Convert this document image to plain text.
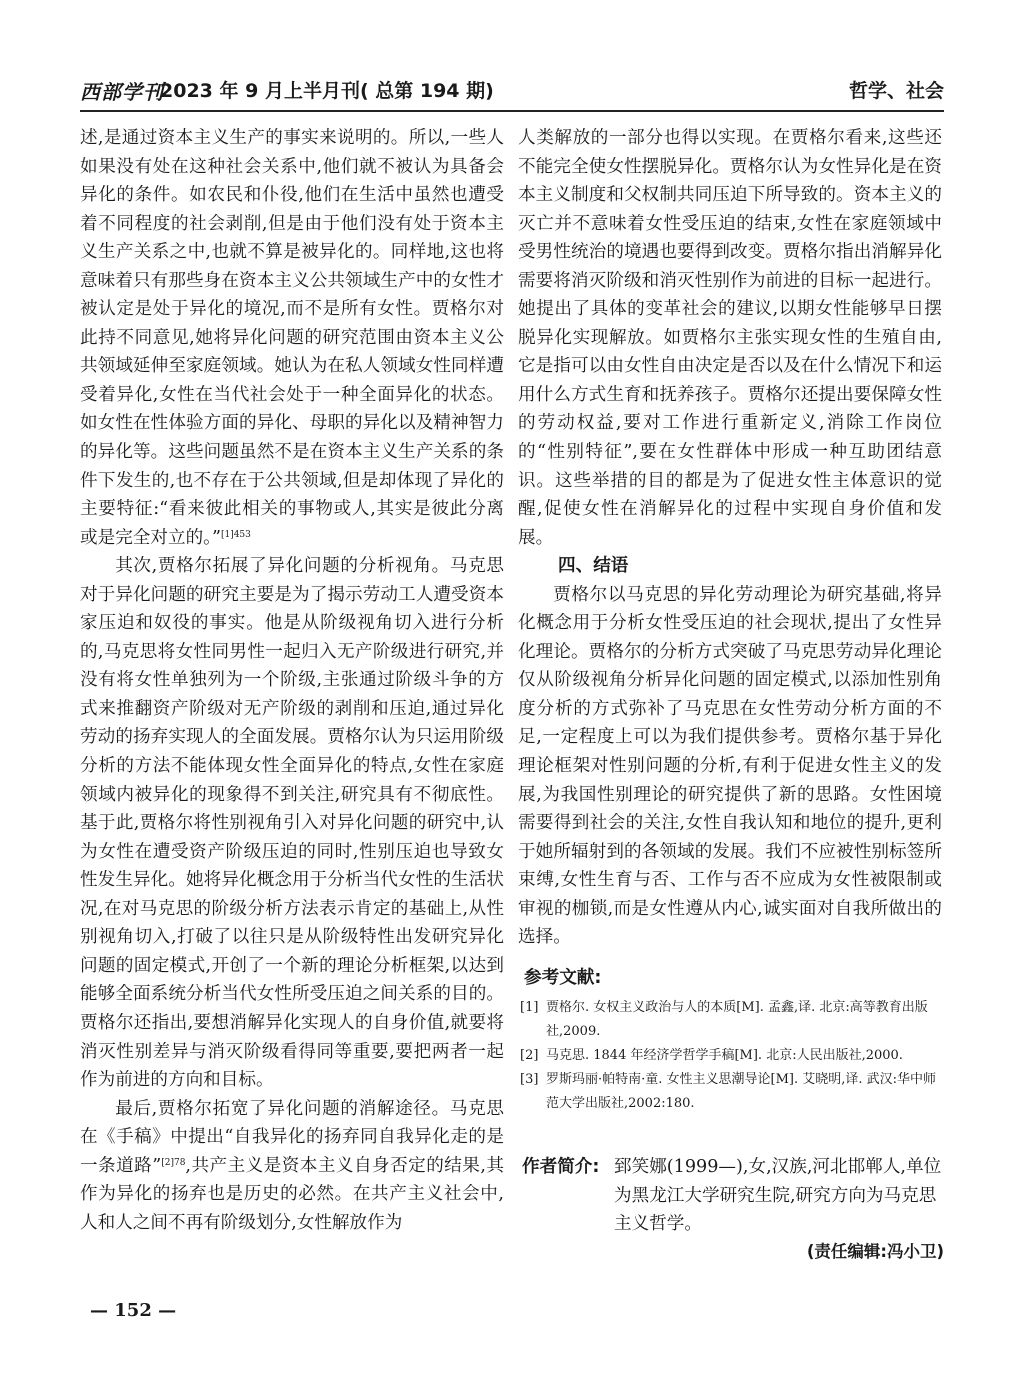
西部学刊
2023 年 9 月上半月刊( 总第 194 期)	哲学、社会

述,是通过资本主义生产的事实来说明的。所以,一些人如果没有处在这种社会关系中,他们就不被认为具备会异化的条件。如农民和仆役,他们在生活中虽然也遭受着不同程度的社会剥削,但是由于他们没有处于资本主义生产关系之中,也就不算是被异化的。同样地,这也将意味着只有那些身在资本主义公共领域生产中的女性才被认定是处于异化的境况,而不是所有女性。贾格尔对此持不同意见,她将异化问题的研究范围由资本主义公共领域延伸至家庭领域。她认为在私人领域女性同样遭受着异化,女性在当代社会处于一种全面异化的状态。如女性在性体验方面的异化、母职的异化以及精神智力的异化等。这些问题虽然不是在资本主义生产关系的条件下发生的,也不存在于公共领域,但是却体现了异化的主要特征:“看来彼此相关的事物或人,其实是彼此分离或是完全对立的。”$^{[1]453}$

其次,贾格尔拓展了异化问题的分析视角。马克思对于异化问题的研究主要是为了揭示劳动工人遭受资本家压迫和奴役的事实。他是从阶级视角切入进行分析的,马克思将女性同男性一起归入无产阶级进行研究,并没有将女性单独列为一个阶级,主张通过阶级斗争的方式来推翻资产阶级对无产阶级的剥削和压迫,通过异化劳动的扬弃实现人的全面发展。贾格尔认为只运用阶级分析的方法不能体现女性全面异化的特点,女性在家庭领域内被异化的现象得不到关注,研究具有不彻底性。基于此,贾格尔将性别视角引入对异化问题的研究中,认为女性在遭受资产阶级压迫的同时,性别压迫也导致女性发生异化。她将异化概念用于分析当代女性的生活状况,在对马克思的阶级分析方法表示肯定的基础上,从性别视角切入,打破了以往只是从阶级特性出发研究异化问题的固定模式,开创了一个新的理论分析框架,以达到能够全面系统分析当代女性所受压迫之间关系的目的。贾格尔还指出,要想消解异化实现人的自身价值,就要将消灭性别差异与消灭阶级看得同等重要,要把两者一起作为前进的方向和目标。

最后,贾格尔拓宽了异化问题的消解途径。马克思在《手稿》中提出“自我异化的扬弃同自我异化走的是一条道路”$^{[2]78}$,共产主义是资本主义自身否定的结果,其作为异化的扬弃也是历史的必然。在共产主义社会中,人和人之间不再有阶级划分,女性解放作为

人类解放的一部分也得以实现。在贾格尔看来,这些还不能完全使女性摆脱异化。贾格尔认为女性异化是在资本主义制度和父权制共同压迫下所导致的。资本主义的灭亡并不意味着女性受压迫的结束,女性在家庭领域中受男性统治的境遇也要得到改变。贾格尔指出消解异化需要将消灭阶级和消灭性别作为前进的目标一起进行。她提出了具体的变革社会的建议,以期女性能够早日摆脱异化实现解放。如贾格尔主张实现女性的生殖自由,它是指可以由女性自由决定是否以及在什么情况下和运用什么方式生育和抚养孩子。贾格尔还提出要保障女性的劳动权益,要对工作进行重新定义,消除工作岗位的“性别特征”,要在女性群体中形成一种互助团结意识。这些举措的目的都是为了促进女性主体意识的觉醒,促使女性在消解异化的过程中实现自身价值和发展。

四、结语

贾格尔以马克思的异化劳动理论为研究基础,将异化概念用于分析女性受压迫的社会现状,提出了女性异化理论。贾格尔的分析方式突破了马克思劳动异化理论仅从阶级视角分析异化问题的固定模式,以添加性别角度分析的方式弥补了马克思在女性劳动分析方面的不足,一定程度上可以为我们提供参考。贾格尔基于异化理论框架对性别问题的分析,有利于促进女性主义的发展,为我国性别理论的研究提供了新的思路。女性困境需要得到社会的关注,女性自我认知和地位的提升,更利于她所辐射到的各领域的发展。我们不应被性别标签所束缚,女性生育与否、工作与否不应成为女性被限制或审视的枷锁,而是女性遵从内心,诚实面对自我所做出的选择。

参考文献:
[1] 贾格尔. 女权主义政治与人的本质[M]. 孟鑫,译. 北京:高等教育出版社,2009.
[2] 马克思. 1844 年经济学哲学手稿[M]. 北京:人民出版社,2000.
[3] 罗斯玛丽·帕特南·童. 女性主义思潮导论[M]. 艾晓明,译. 武汉:华中师范大学出版社,2002:180.
作者简介: 郅笑娜(1999—),女,汉族,河北邯郸人,单位为黑龙江大学研究生院,研究方向为马克思主义哲学。
(责任编辑:冯小卫)
— 152 —
